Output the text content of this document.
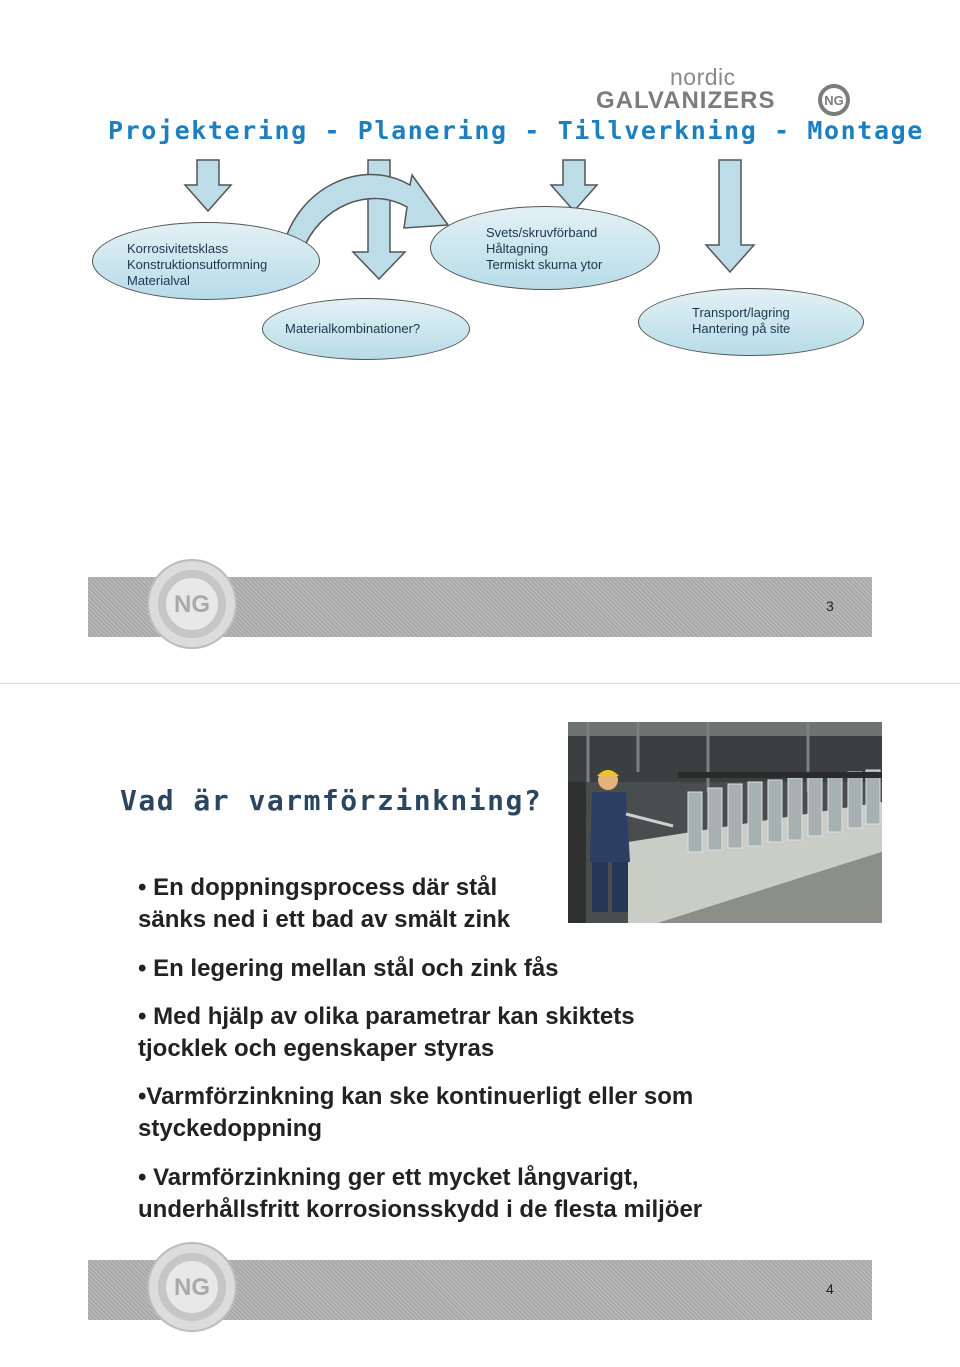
nordic
GALVANIZERS	NG
Projektering - Planering - Tillverkning - Montage
Korrosivitetsklass
Konstruktionsutformning
Materialval
Svets/skruvförband
Håltagning
Termiskt skurna ytor
Materialkombinationer?
Transport/lagring
Hantering på site
NG	3
Vad är varmförzinkning?
• En doppningsprocess där stål
sänks ned i ett bad av smält zink
• En legering mellan stål och zink fås
• Med hjälp av olika parametrar kan skiktets
tjocklek och egenskaper styras
•Varmförzinkning kan ske kontinuerligt eller som
styckedoppning
• Varmförzinkning ger ett mycket långvarigt,
underhållsfritt korrosionsskydd i de flesta miljöer
NG	4
